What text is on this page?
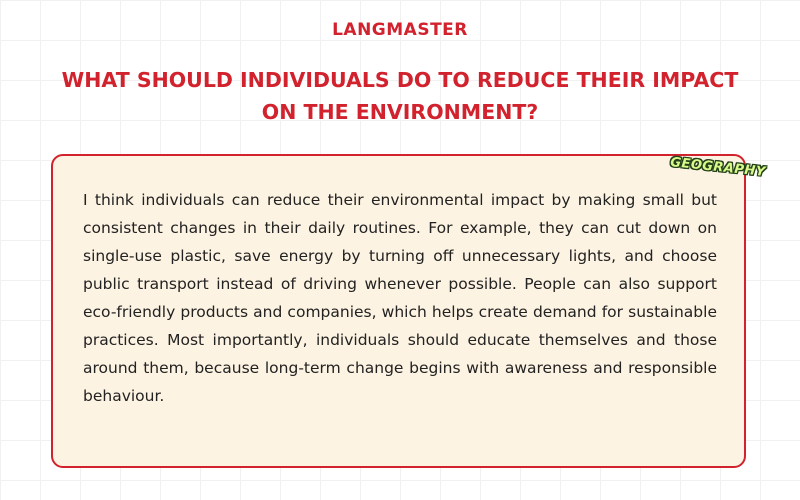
LANGMASTER
WHAT SHOULD INDIVIDUALS DO TO REDUCE THEIR IMPACT ON THE ENVIRONMENT?
GEOGRAPHY

I think individuals can reduce their environmental impact by making small but consistent changes in their daily routines. For example, they can cut down on single-use plastic, save energy by turning off unnecessary lights, and choose public transport instead of driving whenever possible. People can also support eco-friendly products and companies, which helps create demand for sustainable practices. Most importantly, individuals should educate themselves and those around them, because long-term change begins with awareness and responsible behaviour.
